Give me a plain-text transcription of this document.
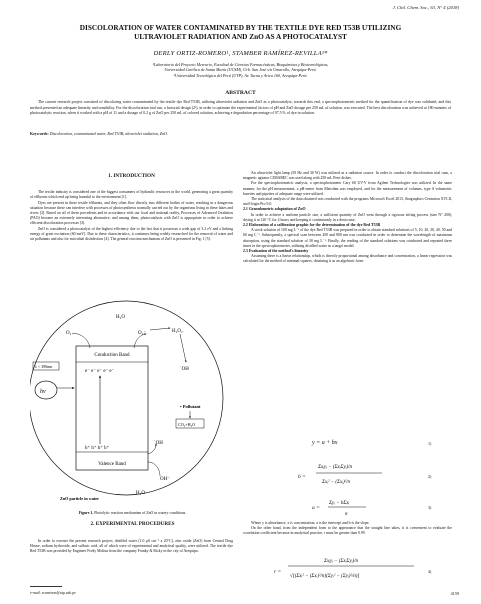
J. Chil. Chem. Soc., 63, N° 4 (2018)
DISCOLORATION OF WATER CONTAMINATED BY THE TEXTILE DYE RED T53B UTILIZING
ULTRAVIOLET RADIATION AND ZnO AS A PHOTOCATALYST
DERLY ORTIZ-ROMERO¹, STAMBER RAMÍREZ-REVILLA²*
¹Laboratorio del Proyecto Mercurio, Facultad de Ciencias Farmacéuticas, Bioquímicas y Biotecnológicas,
Universidad Católica de Santa María (UCSM), Urb. San José s/n Umacollo, Arequipa-Perú.
²Universidad Tecnológica del Perú (UTP), Av. Tacna y Arica 160, Arequipa-Perú.
ABSTRACT

The current research project consisted of discoloring water contaminated by the textile dye Red T53B, utilizing ultraviolet radiation and ZnO as a photocatalyst, towards this end, a spectrophotometric method for the quantification of dye was validated, and this method presented an adequate linearity and sensibility. For the discoloration trial run, a factorial design (2³), in order to optimize the experimental factors of pH and ZnO dosage per 250 mL of solution, was executed. The best discoloration was achieved at 180 minutes of photocatalytic reaction, when it worked with a pH of 11 and a dosage of 0.2 g of ZnO per 250 mL of colored solution, achieving a degradation percentage of 97.5 % of dye in solution.

Keywords: Discoloration, contaminated water, Red T53B, ultraviolet radiation, ZnO.
1. INTRODUCTION

The textile industry is considered one of the biggest consumers of hydraulic resources in the world, generating a great quantity of effluents which end up being harmful to the environment [1].

Dyes are present in these textile effluents, and they often flow directly into different bodies of water, resulting in a dangerous situation because these can interfere with processes of photosynthesis normally carried out by the organisms living in these lakes and rivers [2]. Based on all of these precedents and in accordance with our local and national reality, Processes of Advanced Oxidation (PAO) become an extremely interesting alternative, and among them, photocatalysis with ZnO is appropriate in order to achieve efficient discoloration processes [3].

ZnO is considered a photocatalyst of the highest efficiency due to the fact that it possesses a wide gap of 3.2 eV and a linking energy of great excitation (60 meV). Due to these characteristics, it continues being widely researched for the removal of water and air pollutants and also for microbial disinfection [4]. The general reaction mechanism of ZnO is presented in Fig. 1 [5].

Conduction Band
Valence Band
e⁻ e⁻ e⁻ e⁻ e⁻
h⁺ h⁺ h⁺ h⁺
λ < 390nm
hν
H₂O
O₂	O₂⁻	H₂O₂
˙OH
• Pollutant
CO₂+H₂O
˙OH
OH⁻
H₂O
ZnO particle in water
Figure 1. Photolytic reaction mechanism of ZnO in watery conditions.
2. EXPERIMENTAL PROCEDURES

In order to execute the present research project, distilled water (1.0 μS cm⁻¹ a 20°C), zinc oxide (ZnO) from Central Drug House, sodium hydroxide, and sulfuric acid, all of which were of experimental and analytical quality, were utilized. The textile dye Red T53B was provided by Engineer Fredy Molina from the company Franky & Ricky in the city of Arequipa.

e-mail: sramirezr@utp.edu.pe	4159

An ultraviolet light lamp (50 Hz and 30 W) was utilized as a radiation source. In order to conduct the discoloration trial runs, a magnetic agitator CIMAREC was used along with 250 mL Petri dishes.

For the spectrophotometric analysis, a spectrophotometer Cary 60 UV-V from Agilent Technologies was utilized. In the same manner, for the pH measurement, a pH-meter from Metrohm was employed, and for the measurement of volumes, type A volumetric burettes and pipettes of adequate range were utilized.

The statistical analysis of the data obtained was conducted with the programs Microsoft Excel 2013, Statgraphics Centurion XVI.II, and Origin Pro 9.0.

2.1 Granulometric adaptation of ZnO

In order to achieve a uniform particle size, a sufficient quantity of ZnO went through a rigorous sifting process (size N° 200), drying it at 120 °C for 4 hours and keeping it continuously in a desiccator.

2.2 Elaboration of a calibration graphic for the determination of the dye Red T53B

A stock solution of 100 mg L⁻¹ of the dye Red T53B was prepared in order to obtain standard solutions of 5, 10, 20, 30, 40, 50 and 60 mg L⁻¹. Subsequently, a spectral scan between 200 and 800 nm was conducted in order to determine the wavelength of maximum absorption, using the standard solution of 30 mg L⁻¹. Finally, the reading of the standard solutions was conducted and repeated three times in the spectrophotometer, utilizing distilled water as a target model.

2.3 Evaluation of the method's linearity

Assuming there is a linear relationship, which is directly proportional among absorbance and concentration, a linear regression was calculated for the method of minimal squares, obtaining it as an algebraic form:

y = a + bx	1)
b =
Σxᵢyᵢ − (ΣxᵢΣyᵢ)/n
Σxᵢ² − (Σxᵢ)²/n
2)
a =
Σyᵢ − bΣxᵢ
n
3)

Where y is absorbance, x is concentration, a is the intercept and b is the slope.

On the other hand, from the independent form to the appearance that the straight line takes, it is convenient to evaluate the correlation coefficient because in analytical practice, r must be greater than 0.99.

r =
Σxᵢyᵢ − (ΣxᵢΣyᵢ)/n
√[(Σxᵢ² − (Σxᵢ)²/n)(Σyᵢ² − (Σyᵢ)²/n)]
4)
